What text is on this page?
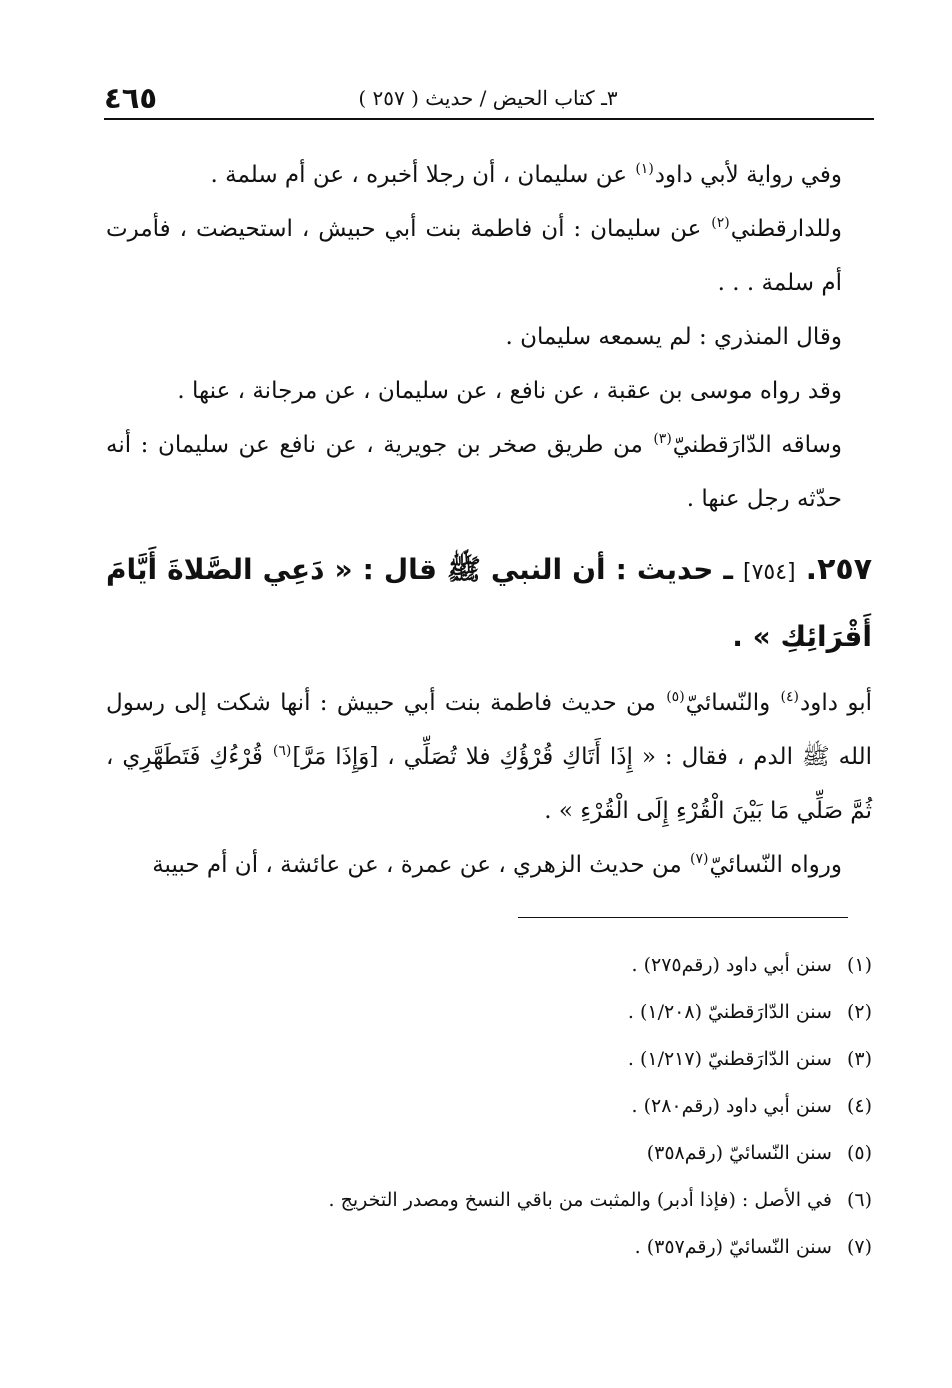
٣ـ كتاب الحيض / حديث ( ٢٥٧ )
٤٦٥

وفي رواية لأبي داود$^{(١)}$ عن سليمان ، أن رجلا أخبره ، عن أم سلمة .

وللدارقطني$^{(٢)}$ عن سليمان : أن فاطمة بنت أبي حبيش ، استحيضت ، فأمرت أم سلمة . . .

وقال المنذري : لم يسمعه سليمان .

وقد رواه موسى بن عقبة ، عن نافع ، عن سليمان ، عن مرجانة ، عنها .

وساقه الدّارَقطنيّ$^{(٣)}$ من طريق صخر بن جويرية ، عن نافع عن سليمان : أنه حدّثه رجل عنها .

٢٥٧. [٧٥٤] ـ حديث : أن النبي ﷺ قال : « دَعِي الصَّلاةَ أَيَّامَ أَقْرَائِكِ » .

أبو داود$^{(٤)}$ والنّسائيّ$^{(٥)}$ من حديث فاطمة بنت أبي حبيش : أنها شكت إلى رسول الله ﷺ الدم ، فقال : « إِذَا أَتَاكِ قُرْؤُكِ فلا تُصَلِّي ، [وَإِذَا مَرَّ]$^{(٦)}$ قُرْءُكِ فَتَطَهَّرِي ، ثُمَّ صَلِّي مَا بَيْنَ الْقُرْءِ إِلَى الْقُرْءِ » .

ورواه النّسائيّ$^{(٧)}$ من حديث الزهري ، عن عمرة ، عن عائشة ، أن أم حبيبة

(١) سنن أبي داود (رقم٢٧٥) .
(٢) سنن الدّارَقطنيّ (١/٢٠٨) .
(٣) سنن الدّارَقطنيّ (١/٢١٧) .
(٤) سنن أبي داود (رقم٢٨٠) .
(٥) سنن النّسائيّ (رقم٣٥٨)
(٦) في الأصل : (فإذا أدبر) والمثبت من باقي النسخ ومصدر التخريج .
(٧) سنن النّسائيّ (رقم٣٥٧) .
